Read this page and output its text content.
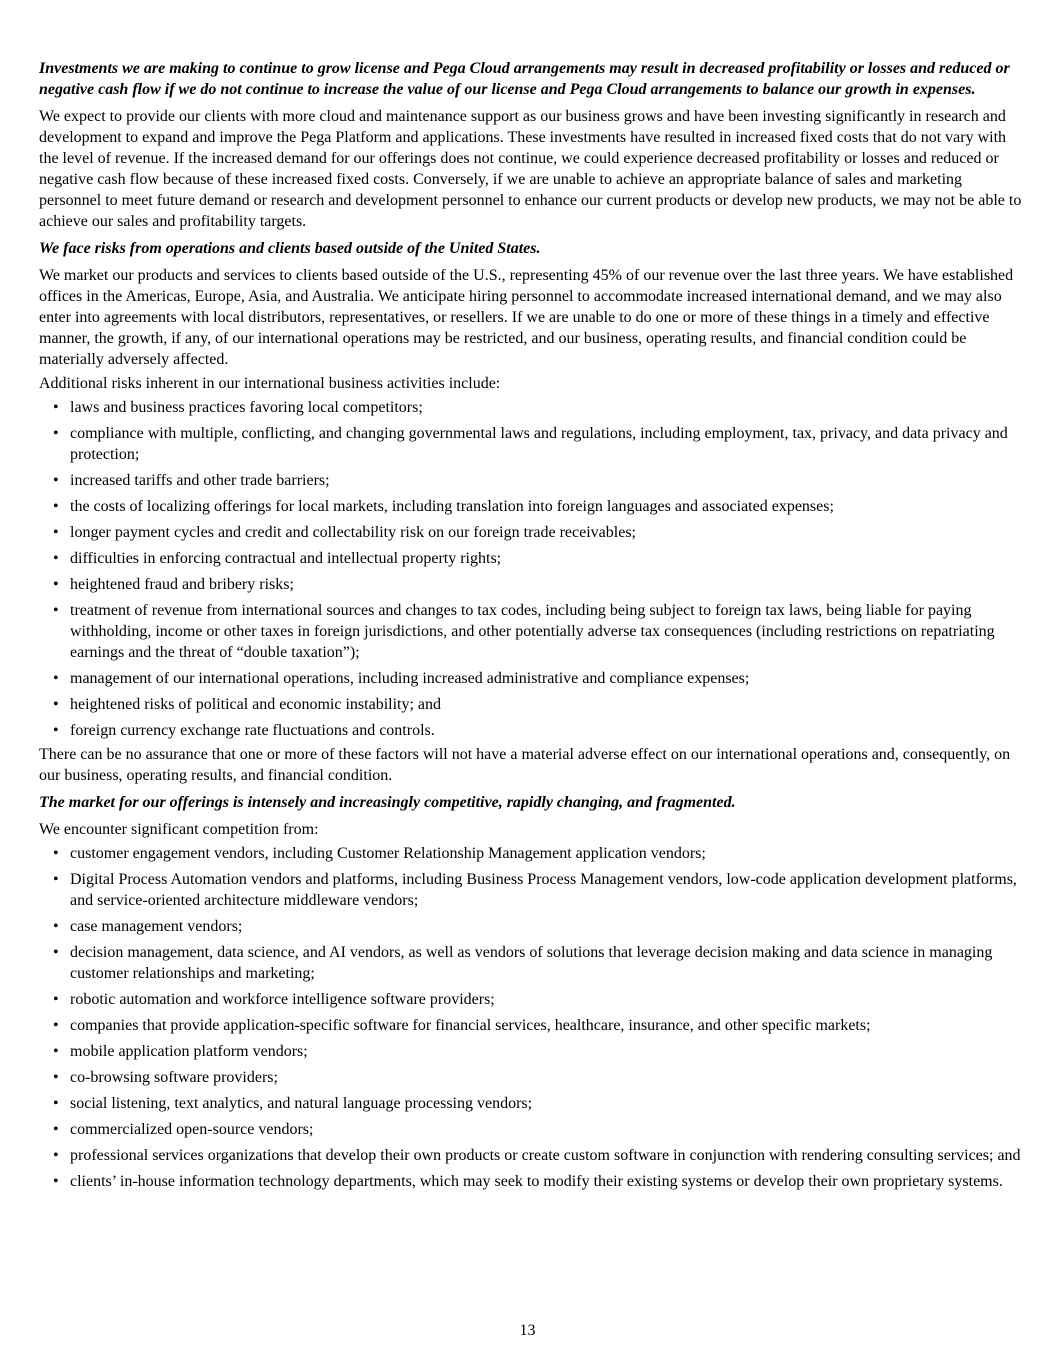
Investments we are making to continue to grow license and Pega Cloud arrangements may result in decreased profitability or losses and reduced or negative cash flow if we do not continue to increase the value of our license and Pega Cloud arrangements to balance our growth in expenses.

We expect to provide our clients with more cloud and maintenance support as our business grows and have been investing significantly in research and development to expand and improve the Pega Platform and applications. These investments have resulted in increased fixed costs that do not vary with the level of revenue. If the increased demand for our offerings does not continue, we could experience decreased profitability or losses and reduced or negative cash flow because of these increased fixed costs. Conversely, if we are unable to achieve an appropriate balance of sales and marketing personnel to meet future demand or research and development personnel to enhance our current products or develop new products, we may not be able to achieve our sales and profitability targets.

We face risks from operations and clients based outside of the United States.

We market our products and services to clients based outside of the U.S., representing 45% of our revenue over the last three years. We have established offices in the Americas, Europe, Asia, and Australia. We anticipate hiring personnel to accommodate increased international demand, and we may also enter into agreements with local distributors, representatives, or resellers. If we are unable to do one or more of these things in a timely and effective manner, the growth, if any, of our international operations may be restricted, and our business, operating results, and financial condition could be materially adversely affected.

Additional risks inherent in our international business activities include:

• laws and business practices favoring local competitors;
• compliance with multiple, conflicting, and changing governmental laws and regulations, including employment, tax, privacy, and data privacy and protection;
• increased tariffs and other trade barriers;
• the costs of localizing offerings for local markets, including translation into foreign languages and associated expenses;
• longer payment cycles and credit and collectability risk on our foreign trade receivables;
• difficulties in enforcing contractual and intellectual property rights;
• heightened fraud and bribery risks;
• treatment of revenue from international sources and changes to tax codes, including being subject to foreign tax laws, being liable for paying withholding, income or other taxes in foreign jurisdictions, and other potentially adverse tax consequences (including restrictions on repatriating earnings and the threat of “double taxation”);
• management of our international operations, including increased administrative and compliance expenses;
• heightened risks of political and economic instability; and
• foreign currency exchange rate fluctuations and controls.

There can be no assurance that one or more of these factors will not have a material adverse effect on our international operations and, consequently, on our business, operating results, and financial condition.

The market for our offerings is intensely and increasingly competitive, rapidly changing, and fragmented.

We encounter significant competition from:

• customer engagement vendors, including Customer Relationship Management application vendors;
• Digital Process Automation vendors and platforms, including Business Process Management vendors, low-code application development platforms, and service-oriented architecture middleware vendors;
• case management vendors;
• decision management, data science, and AI vendors, as well as vendors of solutions that leverage decision making and data science in managing customer relationships and marketing;
• robotic automation and workforce intelligence software providers;
• companies that provide application-specific software for financial services, healthcare, insurance, and other specific markets;
• mobile application platform vendors;
• co-browsing software providers;
• social listening, text analytics, and natural language processing vendors;
• commercialized open-source vendors;
• professional services organizations that develop their own products or create custom software in conjunction with rendering consulting services; and
• clients’ in-house information technology departments, which may seek to modify their existing systems or develop their own proprietary systems.
13
